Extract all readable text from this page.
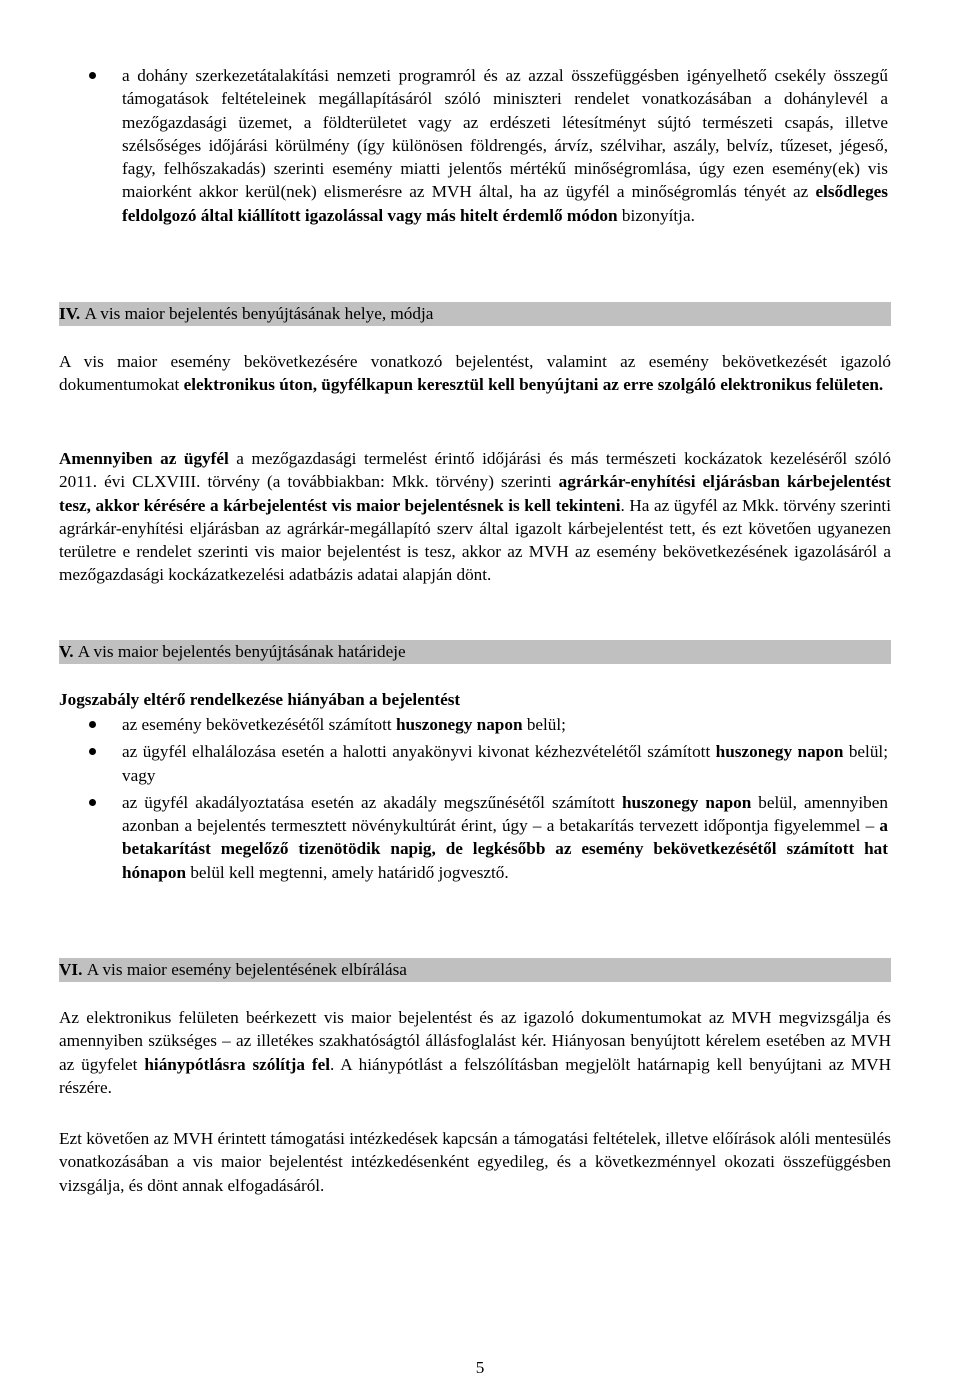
a dohány szerkezetátalakítási nemzeti programról és az azzal összefüggésben igényelhető csekély összegű támogatások feltételeinek megállapításáról szóló miniszteri rendelet vonatkozásában a dohánylevél a mezőgazdasági üzemet, a földterületet vagy az erdészeti létesítményt sújtó természeti csapás, illetve szélsőséges időjárási körülmény (így különösen földrengés, árvíz, szélvihar, aszály, belvíz, tűzeset, jégeső, fagy, felhőszakadás) szerinti esemény miatti jelentős mértékű minőségromlása, úgy ezen esemény(ek) vis maiorként akkor kerül(nek) elismerésre az MVH által, ha az ügyfél a minőségromlás tényét az elsődleges feldolgozó által kiállított igazolással vagy más hitelt érdemlő módon bizonyítja.
IV. A vis maior bejelentés benyújtásának helye, módja

A vis maior esemény bekövetkezésére vonatkozó bejelentést, valamint az esemény bekövetkezését igazoló dokumentumokat elektronikus úton, ügyfélkapun keresztül kell benyújtani az erre szolgáló elektronikus felületen.

Amennyiben az ügyfél a mezőgazdasági termelést érintő időjárási és más természeti kockázatok kezeléséről szóló 2011. évi CLXVIII. törvény (a továbbiakban: Mkk. törvény) szerinti agrárkár-enyhítési eljárásban kárbejelentést tesz, akkor kérésére a kárbejelentést vis maior bejelentésnek is kell tekinteni. Ha az ügyfél az Mkk. törvény szerinti agrárkár-enyhítési eljárásban az agrárkár-megállapító szerv által igazolt kárbejelentést tett, és ezt követően ugyanezen területre e rendelet szerinti vis maior bejelentést is tesz, akkor az MVH az esemény bekövetkezésének igazolásáról a mezőgazdasági kockázatkezelési adatbázis adatai alapján dönt.

V. A vis maior bejelentés benyújtásának határideje

Jogszabály eltérő rendelkezése hiányában a bejelentést

az esemény bekövetkezésétől számított huszonegy napon belül;
az ügyfél elhalálozása esetén a halotti anyakönyvi kivonat kézhezvételétől számított huszonegy napon belül; vagy
az ügyfél akadályoztatása esetén az akadály megszűnésétől számított huszonegy napon belül, amennyiben azonban a bejelentés termesztett növénykultúrát érint, úgy – a betakarítás tervezett időpontja figyelemmel – a betakarítást megelőző tizenötödik napig, de legkésőbb az esemény bekövetkezésétől számított hat hónapon belül kell megtenni, amely határidő jogvesztő.
VI. A vis maior esemény bejelentésének elbírálása

Az elektronikus felületen beérkezett vis maior bejelentést és az igazoló dokumentumokat az MVH megvizsgálja és amennyiben szükséges – az illetékes szakhatóságtól állásfoglalást kér. Hiányosan benyújtott kérelem esetében az MVH az ügyfelet hiánypótlásra szólítja fel. A hiánypótlást a felszólításban megjelölt határnapig kell benyújtani az MVH részére.

Ezt követően az MVH érintett támogatási intézkedések kapcsán a támogatási feltételek, illetve előírások alóli mentesülés vonatkozásában a vis maior bejelentést intézkedésenként egyedileg, és a következménnyel okozati összefüggésben vizsgálja, és dönt annak elfogadásáról.

5
